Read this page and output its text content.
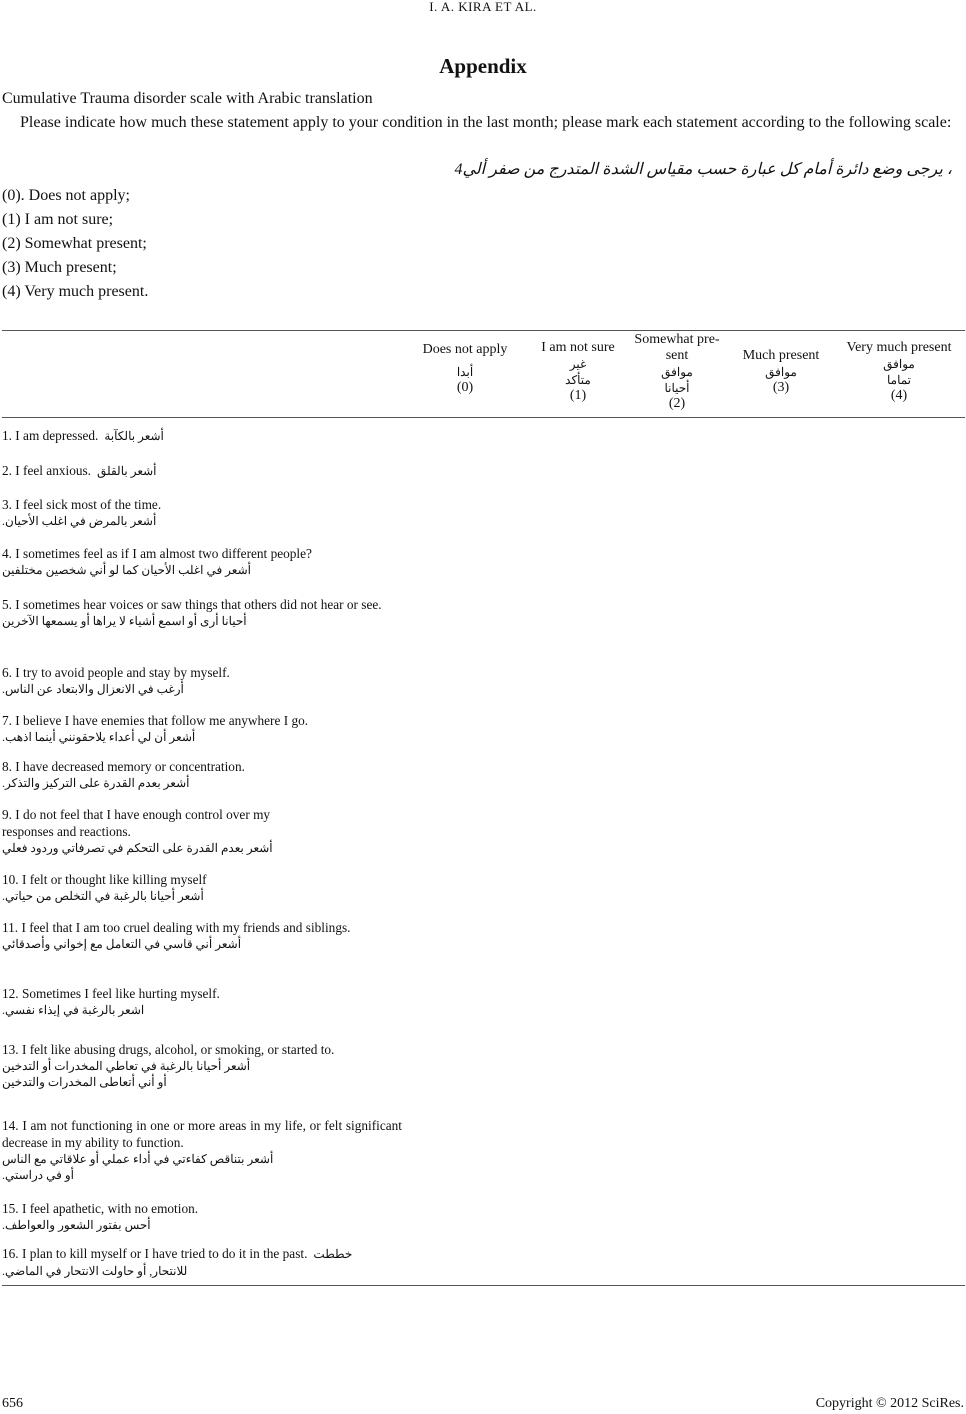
I. A. KIRA ET AL.
Appendix
Cumulative Trauma disorder scale with Arabic translation
Please indicate how much these statement apply to your condition in the last month; please mark each statement according to the following scale:
، يرجى وضع دائرة أمام كل عبارة حسب مقياس الشدة المتدرج من صفر ألي4
(0). Does not apply;
(1) I am not sure;
(2) Somewhat present;
(3) Much present;
(4) Very much present.
Does not apply
أبدا
(0)
I am not sure
غير متأكد
(1)
Somewhat pre-sent
موافق أحيانا
(2)
Much present
موافق
(3)
Very much present
موافق تماما
(4)
1. I am depressed. أشعر بالكآبة
2. I feel anxious. أشعر بالقلق
3. I feel sick most of the time.
أشعر بالمرض في اغلب الأحيان.
4. I sometimes feel as if I am almost two different people?
أشعر في اغلب الأحيان كما لو أني شخصين مختلفين
5. I sometimes hear voices or saw things that others did not hear or see.
أحيانا أرى أو اسمع أشياء لا يراها أو يسمعها الآخرين
6. I try to avoid people and stay by myself.
أرغب في الانعزال والابتعاد عن الناس.
7. I believe I have enemies that follow me anywhere I go.
أشعر أن لي أعداء يلاحقونني أينما اذهب.
8. I have decreased memory or concentration.
أشعر بعدم القدرة على التركيز والتذكر.
9. I do not feel that I have enough control over my responses and reactions.
أشعر بعدم القدرة على التحكم في تصرفاتي وردود فعلي
10. I felt or thought like killing myself
أشعر أحيانا بالرغبة في التخلص من حياتي.
11. I feel that I am too cruel dealing with my friends and siblings.
أشعر أني قاسي في التعامل مع إخواني وأصدقائي
12. Sometimes I feel like hurting myself.
اشعر بالرغبة في إيذاء نفسي.
13. I felt like abusing drugs, alcohol, or smoking, or started to.
أشعر أحيانا بالرغبة في تعاطي المخدرات أو التدخين
أو أني أتعاطى المخدرات والتدخين
14. I am not functioning in one or more areas in my life, or felt significant decrease in my ability to function.
أشعر بتناقص كفاءتي في أداء عملي أو علاقاتي مع الناس
أو في دراستي.
15. I feel apathetic, with no emotion.
أحس بفتور الشعور والعواطف.
16. I plan to kill myself or I have tried to do it in the past. خططت
للانتحار, أو حاولت الانتحار في الماضي.
656	Copyright © 2012 SciRes.
